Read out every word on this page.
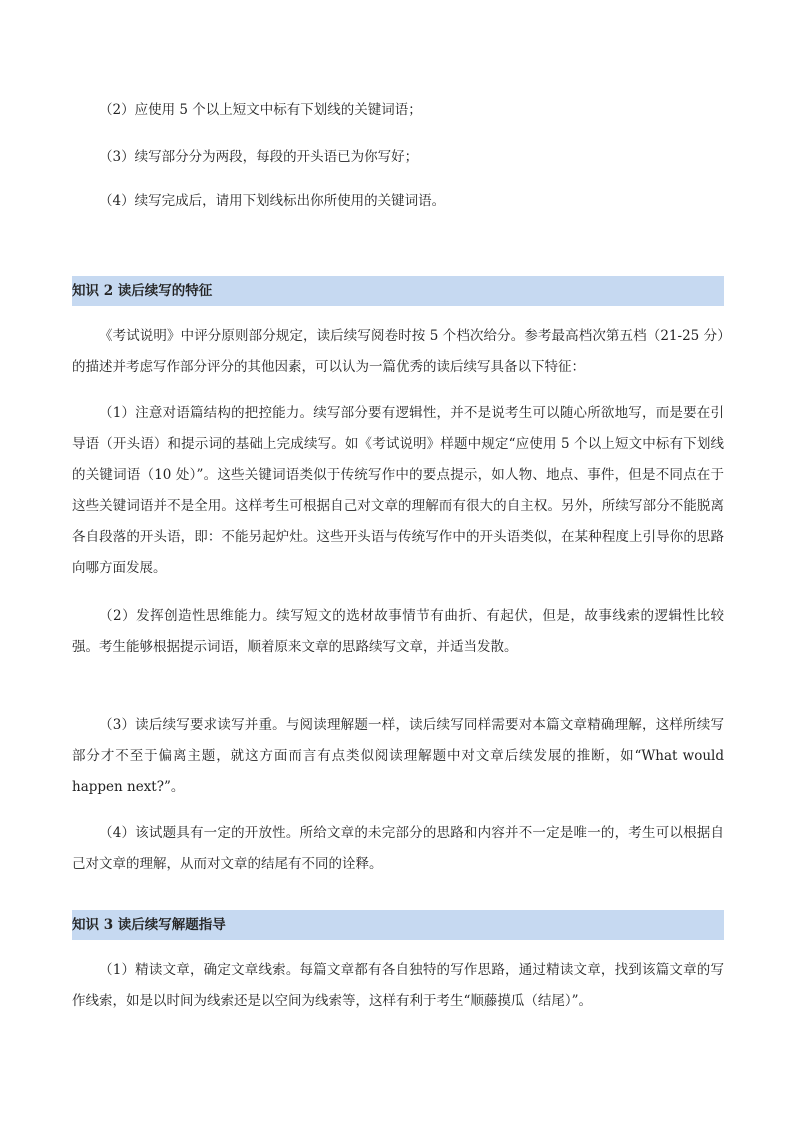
（2）应使用 5 个以上短文中标有下划线的关键词语；

（3）续写部分分为两段，每段的开头语已为你写好；

（4）续写完成后，请用下划线标出你所使用的关键词语。

知识 2 读后续写的特征

《考试说明》中评分原则部分规定，读后续写阅卷时按 5 个档次给分。参考最高档次第五档（21-25 分）的描述并考虑写作部分评分的其他因素，可以认为一篇优秀的读后续写具备以下特征：

（1）注意对语篇结构的把控能力。续写部分要有逻辑性，并不是说考生可以随心所欲地写，而是要在引导语（开头语）和提示词的基础上完成续写。如《考试说明》样题中规定“应使用 5 个以上短文中标有下划线的关键词语（10 处）”。这些关键词语类似于传统写作中的要点提示，如人物、地点、事件，但是不同点在于这些关键词语并不是全用。这样考生可根据自己对文章的理解而有很大的自主权。另外，所续写部分不能脱离各自段落的开头语，即：不能另起炉灶。这些开头语与传统写作中的开头语类似，在某种程度上引导你的思路向哪方面发展。

（2）发挥创造性思维能力。续写短文的选材故事情节有曲折、有起伏，但是，故事线索的逻辑性比较强。考生能够根据提示词语，顺着原来文章的思路续写文章，并适当发散。

（3）读后续写要求读写并重。与阅读理解题一样，读后续写同样需要对本篇文章精确理解，这样所续写部分才不至于偏离主题，就这方面而言有点类似阅读理解题中对文章后续发展的推断，如“What would happen next?”。

（4）该试题具有一定的开放性。所给文章的未完部分的思路和内容并不一定是唯一的，考生可以根据自己对文章的理解，从而对文章的结尾有不同的诠释。

知识 3 读后续写解题指导

（1）精读文章，确定文章线索。每篇文章都有各自独特的写作思路，通过精读文章，找到该篇文章的写作线索，如是以时间为线索还是以空间为线索等，这样有利于考生“顺藤摸瓜（结尾）”。
